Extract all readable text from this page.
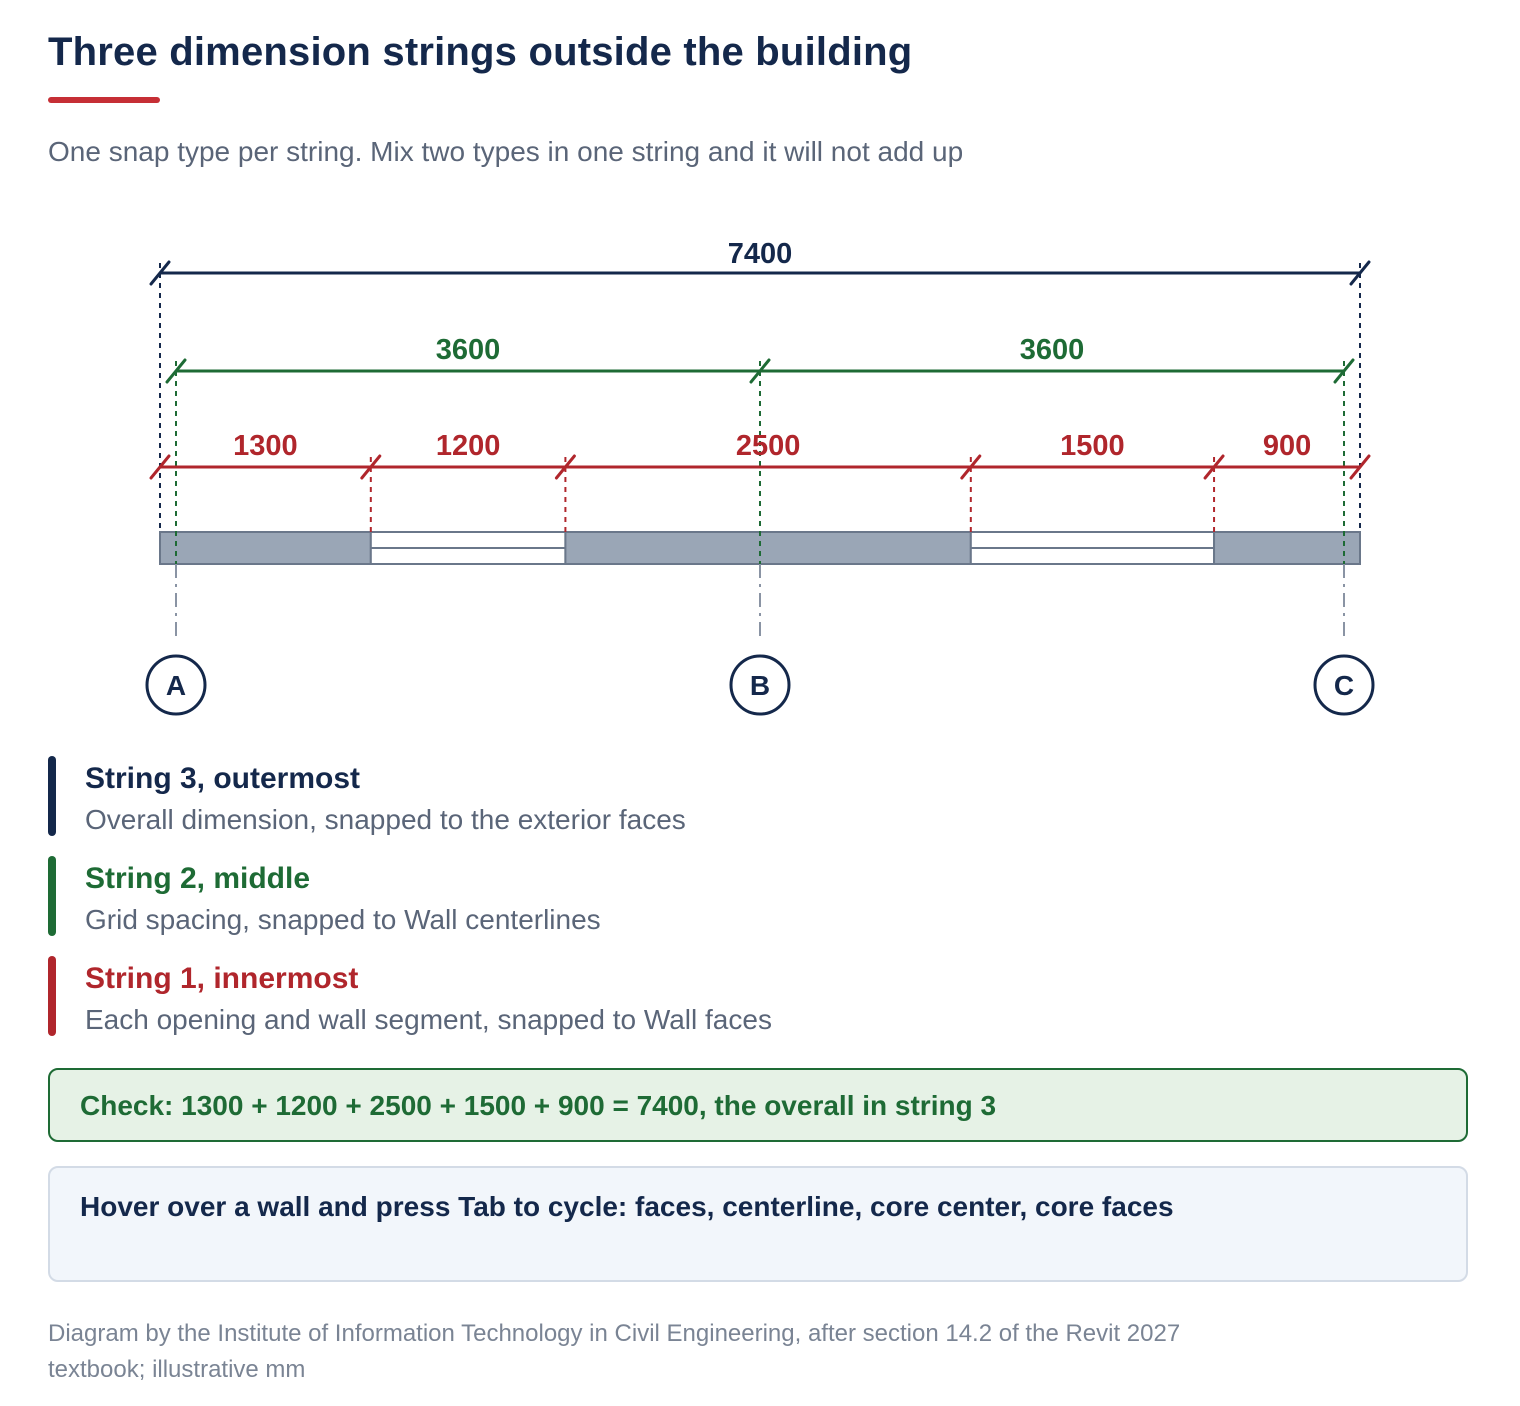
Three dimension strings outside the building
One snap type per string. Mix two types in one string and it will not add up
7400
3600	3600
1300	1200	2500	1500	900
A	B	C
String 3, outermost
Overall dimension, snapped to the exterior faces
String 2, middle
Grid spacing, snapped to Wall centerlines
String 1, innermost
Each opening and wall segment, snapped to Wall faces
Check: 1300 + 1200 + 2500 + 1500 + 900 = 7400, the overall in string 3
Hover over a wall and press Tab to cycle: faces, centerline, core center, core faces
Diagram by the Institute of Information Technology in Civil Engineering, after section 14.2 of the Revit 2027 textbook; illustrative mm
